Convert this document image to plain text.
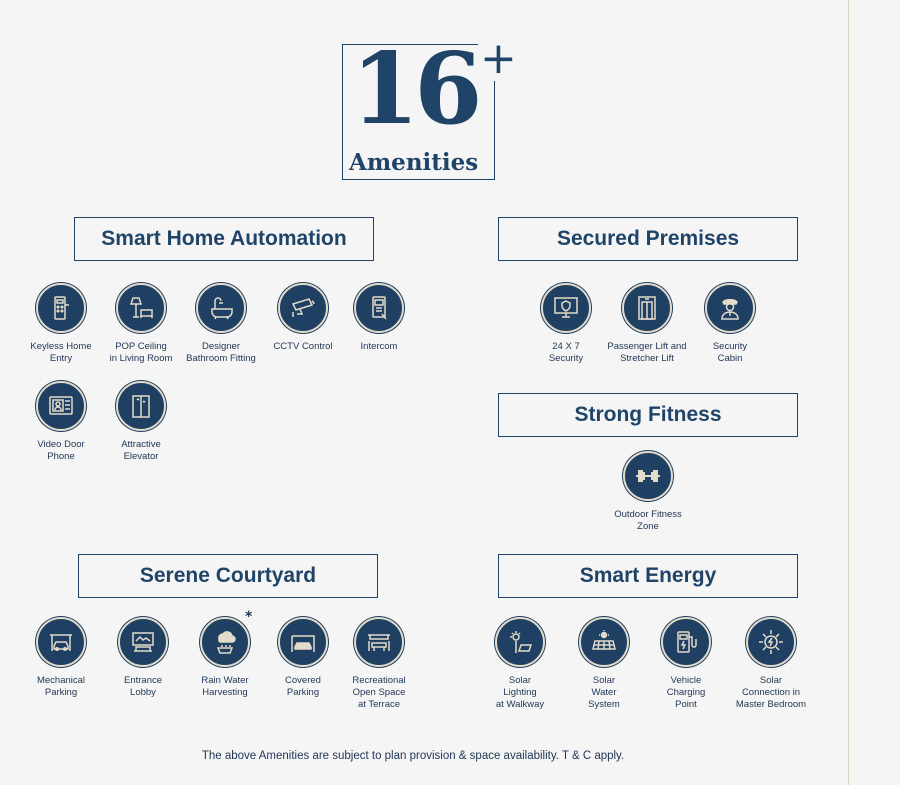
16 +
Amenities
Smart Home Automation	Secured Premises
Strong Fitness
Serene Courtyard	Smart Energy
Keyless Home
Entry
POP Ceiling
in Living Room
Designer
Bathroom Fitting
CCTV Control	Intercom
Video Door
Phone
Attractive
Elevator
24 X 7
Security
Passenger Lift and
Stretcher Lift
Security
Cabin
Outdoor Fitness
Zone
Mechanical
Parking
Entrance
Lobby
*
Rain Water
Harvesting
Covered
Parking
Recreational
Open Space
at Terrace
Solar
Lighting
at Walkway
Solar
Water
System
Vehicle
Charging
Point
Solar
Connection in
Master Bedroom
The above Amenities are subject to plan provision & space availability. T & C apply.
